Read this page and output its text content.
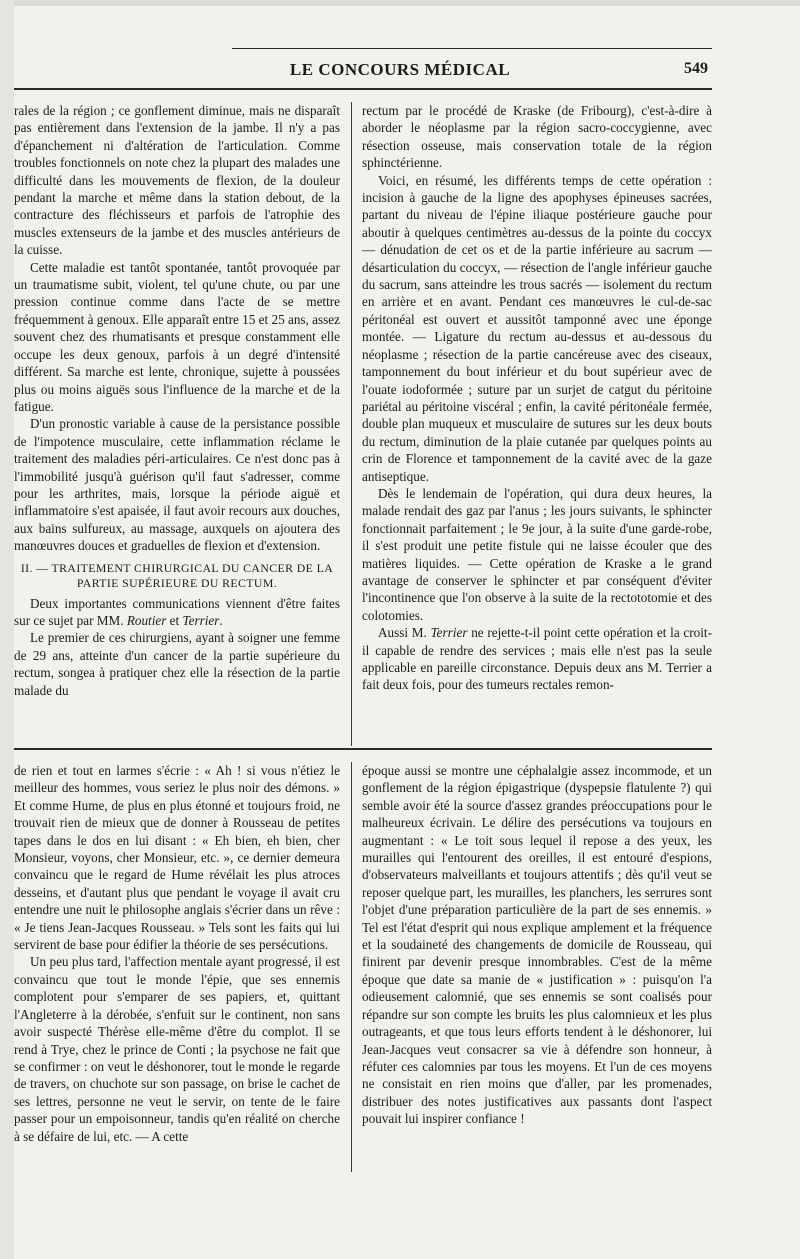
LE CONCOURS MÉDICAL	549

rales de la région ; ce gonflement diminue, mais ne disparaît pas entièrement dans l'extension de la jambe. Il n'y a pas d'épanchement ni d'altération de l'articulation. Comme troubles fonctionnels on note chez la plupart des malades une difficulté dans les mouvements de flexion, de la douleur pendant la marche et même dans la station debout, de la contracture des fléchisseurs et parfois de l'atrophie des muscles extenseurs de la jambe et des muscles antérieurs de la cuisse.

Cette maladie est tantôt spontanée, tantôt provoquée par un traumatisme subit, violent, tel qu'une chute, ou par une pression continue comme dans l'acte de se mettre fréquemment à genoux. Elle apparaît entre 15 et 25 ans, assez souvent chez des rhumatisants et presque constamment elle occupe les deux genoux, parfois à un degré d'intensité différent. Sa marche est lente, chronique, sujette à poussées plus ou moins aiguës sous l'influence de la marche et de la fatigue.

D'un pronostic variable à cause de la persistance possible de l'impotence musculaire, cette inflammation réclame le traitement des maladies péri-articulaires. Ce n'est donc pas à l'immobilité jusqu'à guérison qu'il faut s'adresser, comme pour les arthrites, mais, lorsque la période aiguë et inflammatoire s'est apaisée, il faut avoir recours aux douches, aux bains sulfureux, au massage, auxquels on ajoutera des manœuvres douces et graduelles de flexion et d'extension.

II. — TRAITEMENT CHIRURGICAL DU CANCER DE LA PARTIE SUPÉRIEURE DU RECTUM.

Deux importantes communications viennent d'être faites sur ce sujet par MM. Routier et Terrier.

Le premier de ces chirurgiens, ayant à soigner une femme de 29 ans, atteinte d'un cancer de la partie supérieure du rectum, songea à pratiquer chez elle la résection de la partie malade du

rectum par le procédé de Kraske (de Fribourg), c'est-à-dire à aborder le néoplasme par la région sacro-coccygienne, avec résection osseuse, mais conservation totale de la région sphinctérienne.

Voici, en résumé, les différents temps de cette opération : incision à gauche de la ligne des apophyses épineuses sacrées, partant du niveau de l'épine iliaque postérieure gauche pour aboutir à quelques centimètres au-dessus de la pointe du coccyx — dénudation de cet os et de la partie inférieure au sacrum — désarticulation du coccyx, — résection de l'angle inférieur gauche du sacrum, sans atteindre les trous sacrés — isolement du rectum en arrière et en avant. Pendant ces manœuvres le cul-de-sac péritonéal est ouvert et aussitôt tamponné avec une éponge montée. — Ligature du rectum au-dessus et au-dessous du néoplasme ; résection de la partie cancéreuse avec des ciseaux, tamponnement du bout inférieur et du bout supérieur avec de l'ouate iodoformée ; suture par un surjet de catgut du péritoine pariétal au péritoine viscéral ; enfin, la cavité péritonéale fermée, double plan muqueux et musculaire de sutures sur les deux bouts du rectum, diminution de la plaie cutanée par quelques points au crin de Florence et tamponnement de la cavité avec de la gaze antiseptique.

Dès le lendemain de l'opération, qui dura deux heures, la malade rendait des gaz par l'anus ; les jours suivants, le sphincter fonctionnait parfaitement ; le 9e jour, à la suite d'une garde-robe, il s'est produit une petite fistule qui ne laisse écouler que des matières liquides. — Cette opération de Kraske a le grand avantage de conserver le sphincter et par conséquent d'éviter l'incontinence que l'on observe à la suite de la rectototomie et des colotomies.

Aussi M. Terrier ne rejette-t-il point cette opération et la croit-il capable de rendre des services ; mais elle n'est pas la seule applicable en pareille circonstance. Depuis deux ans M. Terrier a fait deux fois, pour des tumeurs rectales remon-

de rien et tout en larmes s'écrie : « Ah ! si vous n'étiez le meilleur des hommes, vous seriez le plus noir des démons. » Et comme Hume, de plus en plus étonné et toujours froid, ne trouvait rien de mieux que de donner à Rousseau de petites tapes dans le dos en lui disant : « Eh bien, eh bien, cher Monsieur, voyons, cher Monsieur, etc. », ce dernier demeura convaincu que le regard de Hume révélait les plus atroces desseins, et d'autant plus que pendant le voyage il avait cru entendre une nuit le philosophe anglais s'écrier dans un rêve : « Je tiens Jean-Jacques Rousseau. » Tels sont les faits qui lui servirent de base pour édifier la théorie de ses persécutions.

Un peu plus tard, l'affection mentale ayant progressé, il est convaincu que tout le monde l'épie, que ses ennemis complotent pour s'emparer de ses papiers, et, quittant l'Angleterre à la dérobée, s'enfuit sur le continent, non sans avoir suspecté Thérèse elle-même d'être du complot. Il se rend à Trye, chez le prince de Conti ; la psychose ne fait que se confirmer : on veut le déshonorer, tout le monde le regarde de travers, on chuchote sur son passage, on brise le cachet de ses lettres, personne ne veut le servir, on tente de le faire passer pour un empoisonneur, tandis qu'en réalité on cherche à se défaire de lui, etc. — A cette

époque aussi se montre une céphalalgie assez incommode, et un gonflement de la région épigastrique (dyspepsie flatulente ?) qui semble avoir été la source d'assez grandes préoccupations pour le malheureux écrivain. Le délire des persécutions va toujours en augmentant : « Le toit sous lequel il repose a des yeux, les murailles qui l'entourent des oreilles, il est entouré d'espions, d'observateurs malveillants et toujours attentifs ; dès qu'il veut se reposer quelque part, les murailles, les planchers, les serrures sont l'objet d'une préparation particulière de la part de ses ennemis. » Tel est l'état d'esprit qui nous explique amplement et la fréquence et la soudaineté des changements de domicile de Rousseau, qui finirent par devenir presque innombrables. C'est de la même époque que date sa manie de « justification » : puisqu'on l'a odieusement calomnié, que ses ennemis se sont coalisés pour répandre sur son compte les bruits les plus calomnieux et les plus outrageants, et que tous leurs efforts tendent à le déshonorer, lui Jean-Jacques veut consacrer sa vie à défendre son honneur, à réfuter ces calomnies par tous les moyens. Et l'un de ces moyens ne consistait en rien moins que d'aller, par les promenades, distribuer des notes justificatives aux passants dont l'aspect pouvait lui inspirer confiance !
